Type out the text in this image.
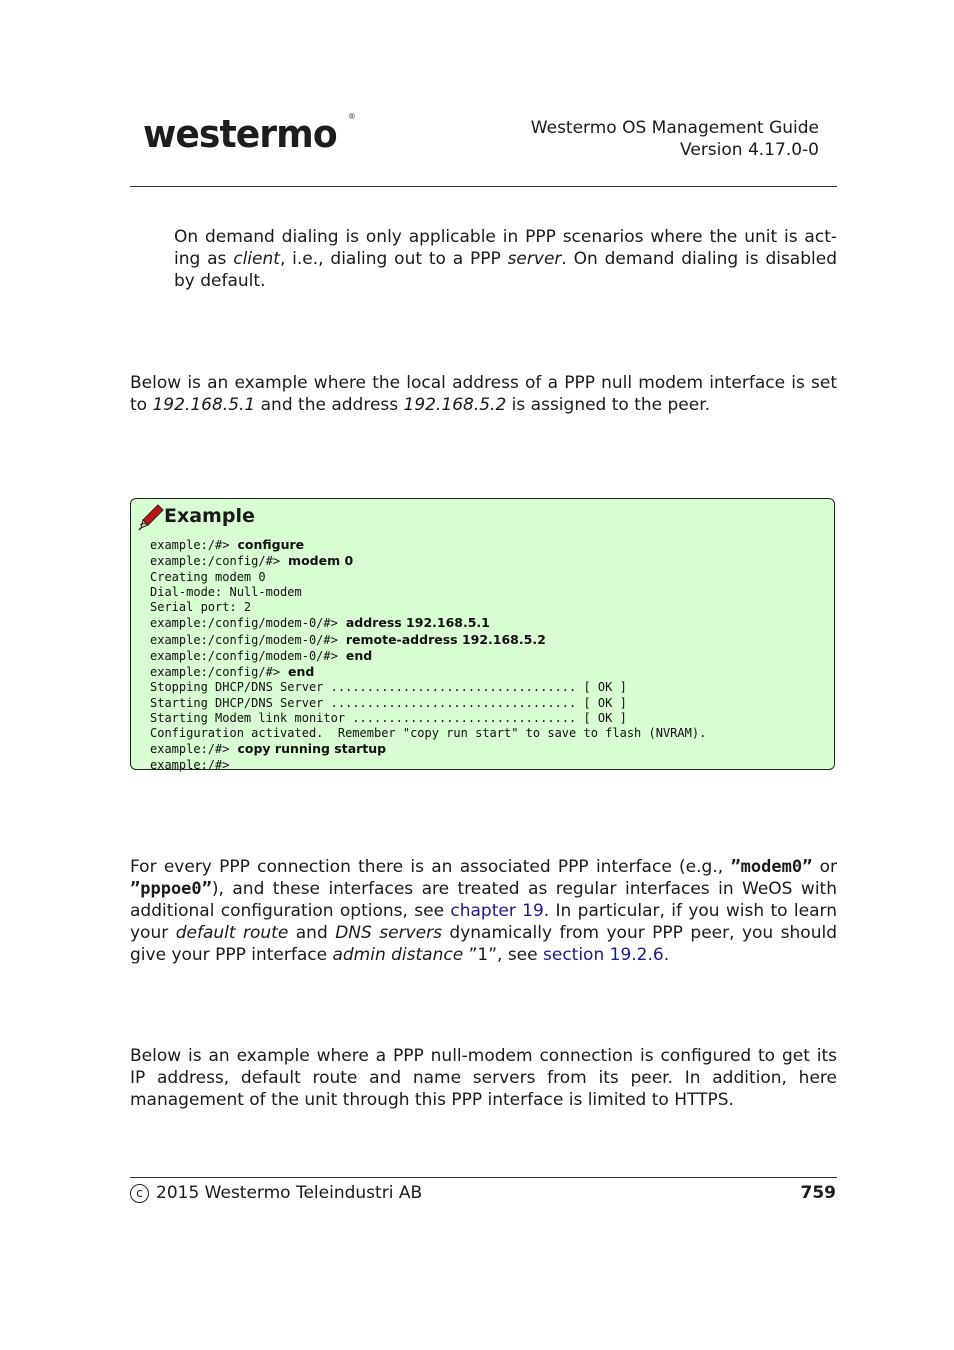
westermo ®
Westermo OS Management Guide
Version 4.17.0-0
On demand dialing is only applicable in PPP scenarios where the unit is act-ing as client, i.e., dialing out to a PPP server. On demand dialing is disabled by default.
Below is an example where the local address of a PPP null modem interface is set to 192.168.5.1 and the address 192.168.5.2 is assigned to the peer.
Example
example:/#> configure
example:/config/#> modem 0
Creating modem 0
Dial-mode: Null-modem
Serial port: 2
example:/config/modem-0/#> address 192.168.5.1
example:/config/modem-0/#> remote-address 192.168.5.2
example:/config/modem-0/#> end
example:/config/#> end
Stopping DHCP/DNS Server .................................. [ OK ]
Starting DHCP/DNS Server .................................. [ OK ]
Starting Modem link monitor ............................... [ OK ]
Configuration activated.  Remember "copy run start" to save to flash (NVRAM).
example:/#> copy running startup
example:/#>
For every PPP connection there is an associated PPP interface (e.g., ”modem0” or ”pppoe0”), and these interfaces are treated as regular interfaces in WeOS with additional configuration options, see chapter 19. In particular, if you wish to learn your default route and DNS servers dynamically from your PPP peer, you should give your PPP interface admin distance ”1”, see section 19.2.6.
Below is an example where a PPP null-modem connection is configured to get its IP address, default route and name servers from its peer. In addition, here management of the unit through this PPP interface is limited to HTTPS.
c 2015 Westermo Teleindustri AB	759
